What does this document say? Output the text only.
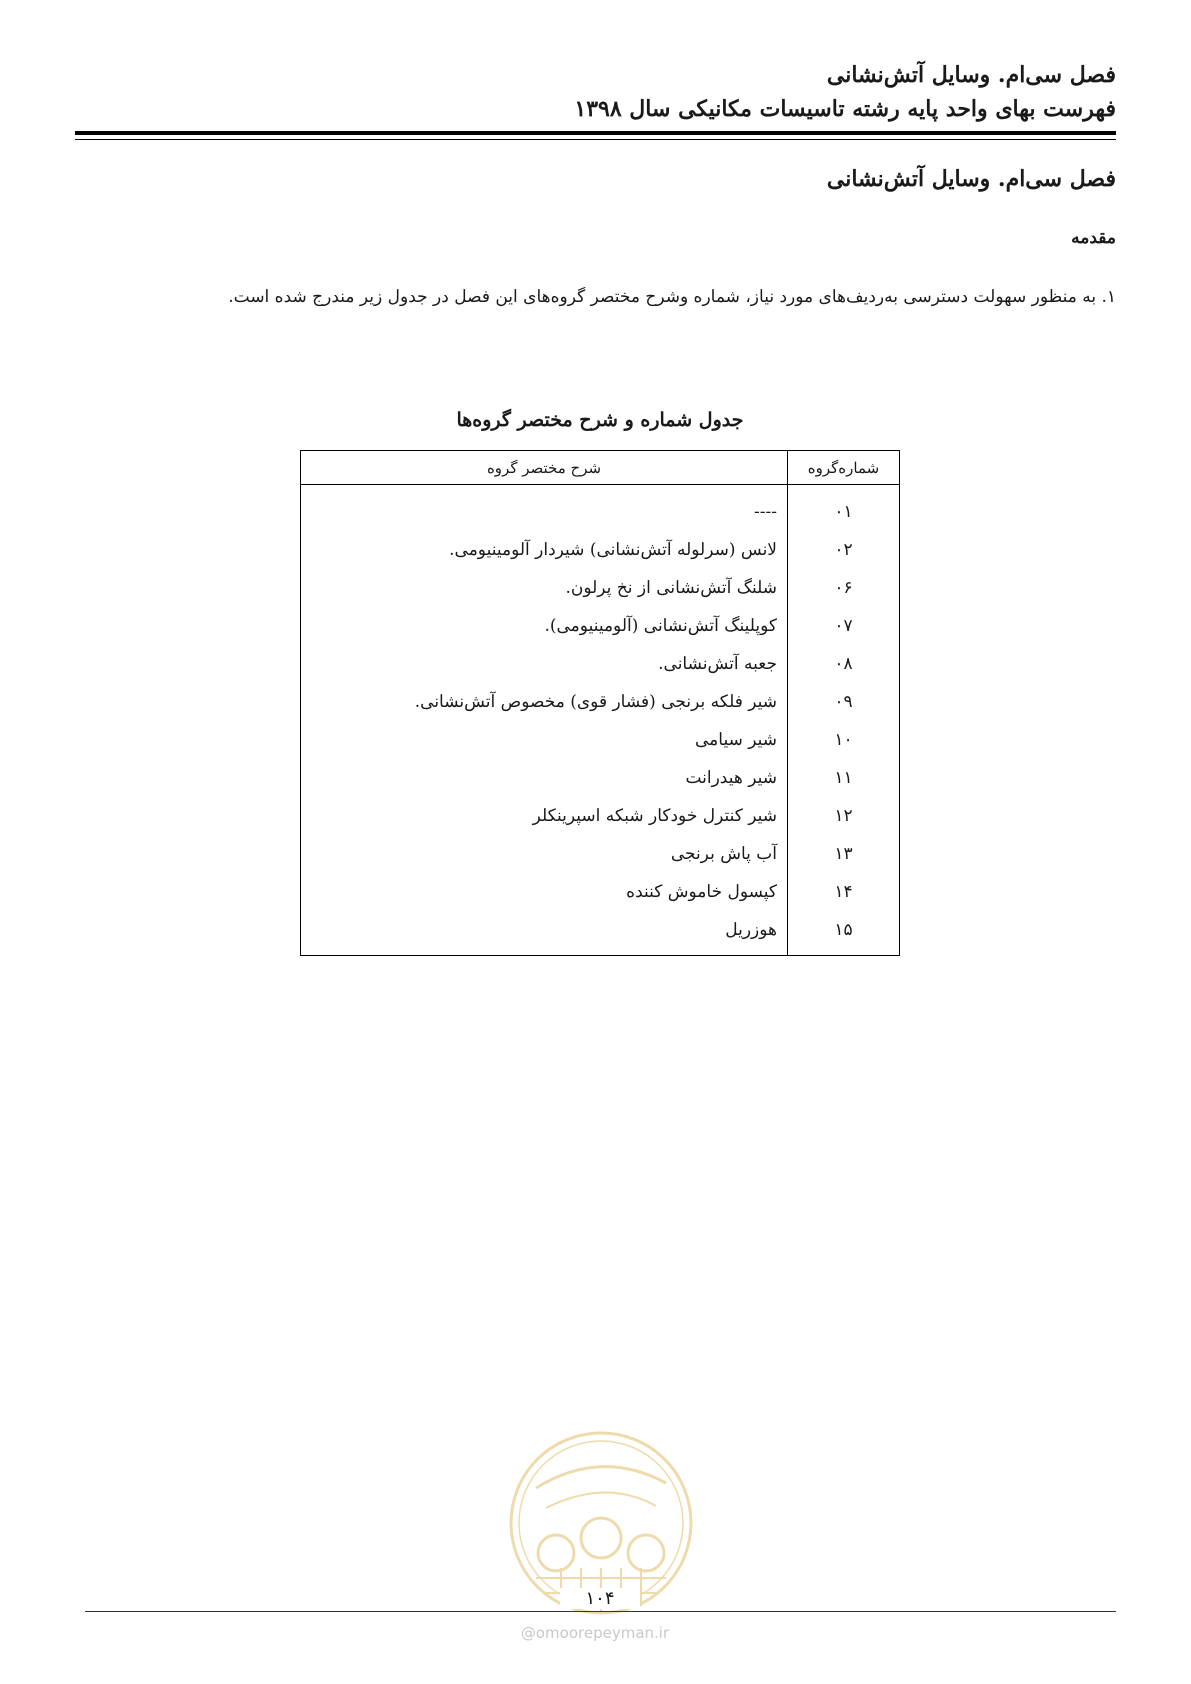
فصل سی‌ام. وسایل آتش‌نشانی
فهرست بهای واحد پایه رشته تاسیسات مکانیکی سال ۱۳۹۸
فصل سی‌ام. وسایل آتش‌نشانی
مقدمه
۱. به منظور سهولت دسترسی به‌ردیف‌های مورد نیاز، شماره وشرح مختصر گروه‌های این فصل در جدول زیر مندرج شده است.
جدول شماره و شرح مختصر گروه‌ها
شماره‌گروه	شرح مختصر گروه
۰۱	----
۰۲	لانس (سرلوله آتش‌نشانی) شیردار آلومینیومی.
۰۶	شلنگ آتش‌نشانی از نخ پرلون.
۰۷	کوپلینگ آتش‌نشانی (آلومینیومی).
۰۸	جعبه آتش‌نشانی.
۰۹	شیر فلکه برنجی (فشار قوی) مخصوص آتش‌نشانی.
۱۰	شیر سیامی
۱۱	شیر هیدرانت
۱۲	شیر کنترل خودکار شبکه اسپرینکلر
۱۳	آب پاش برنجی
۱۴	کپسول خاموش کننده
۱۵	هوزریل
۱۰۴
@omoorepeyman.ir
